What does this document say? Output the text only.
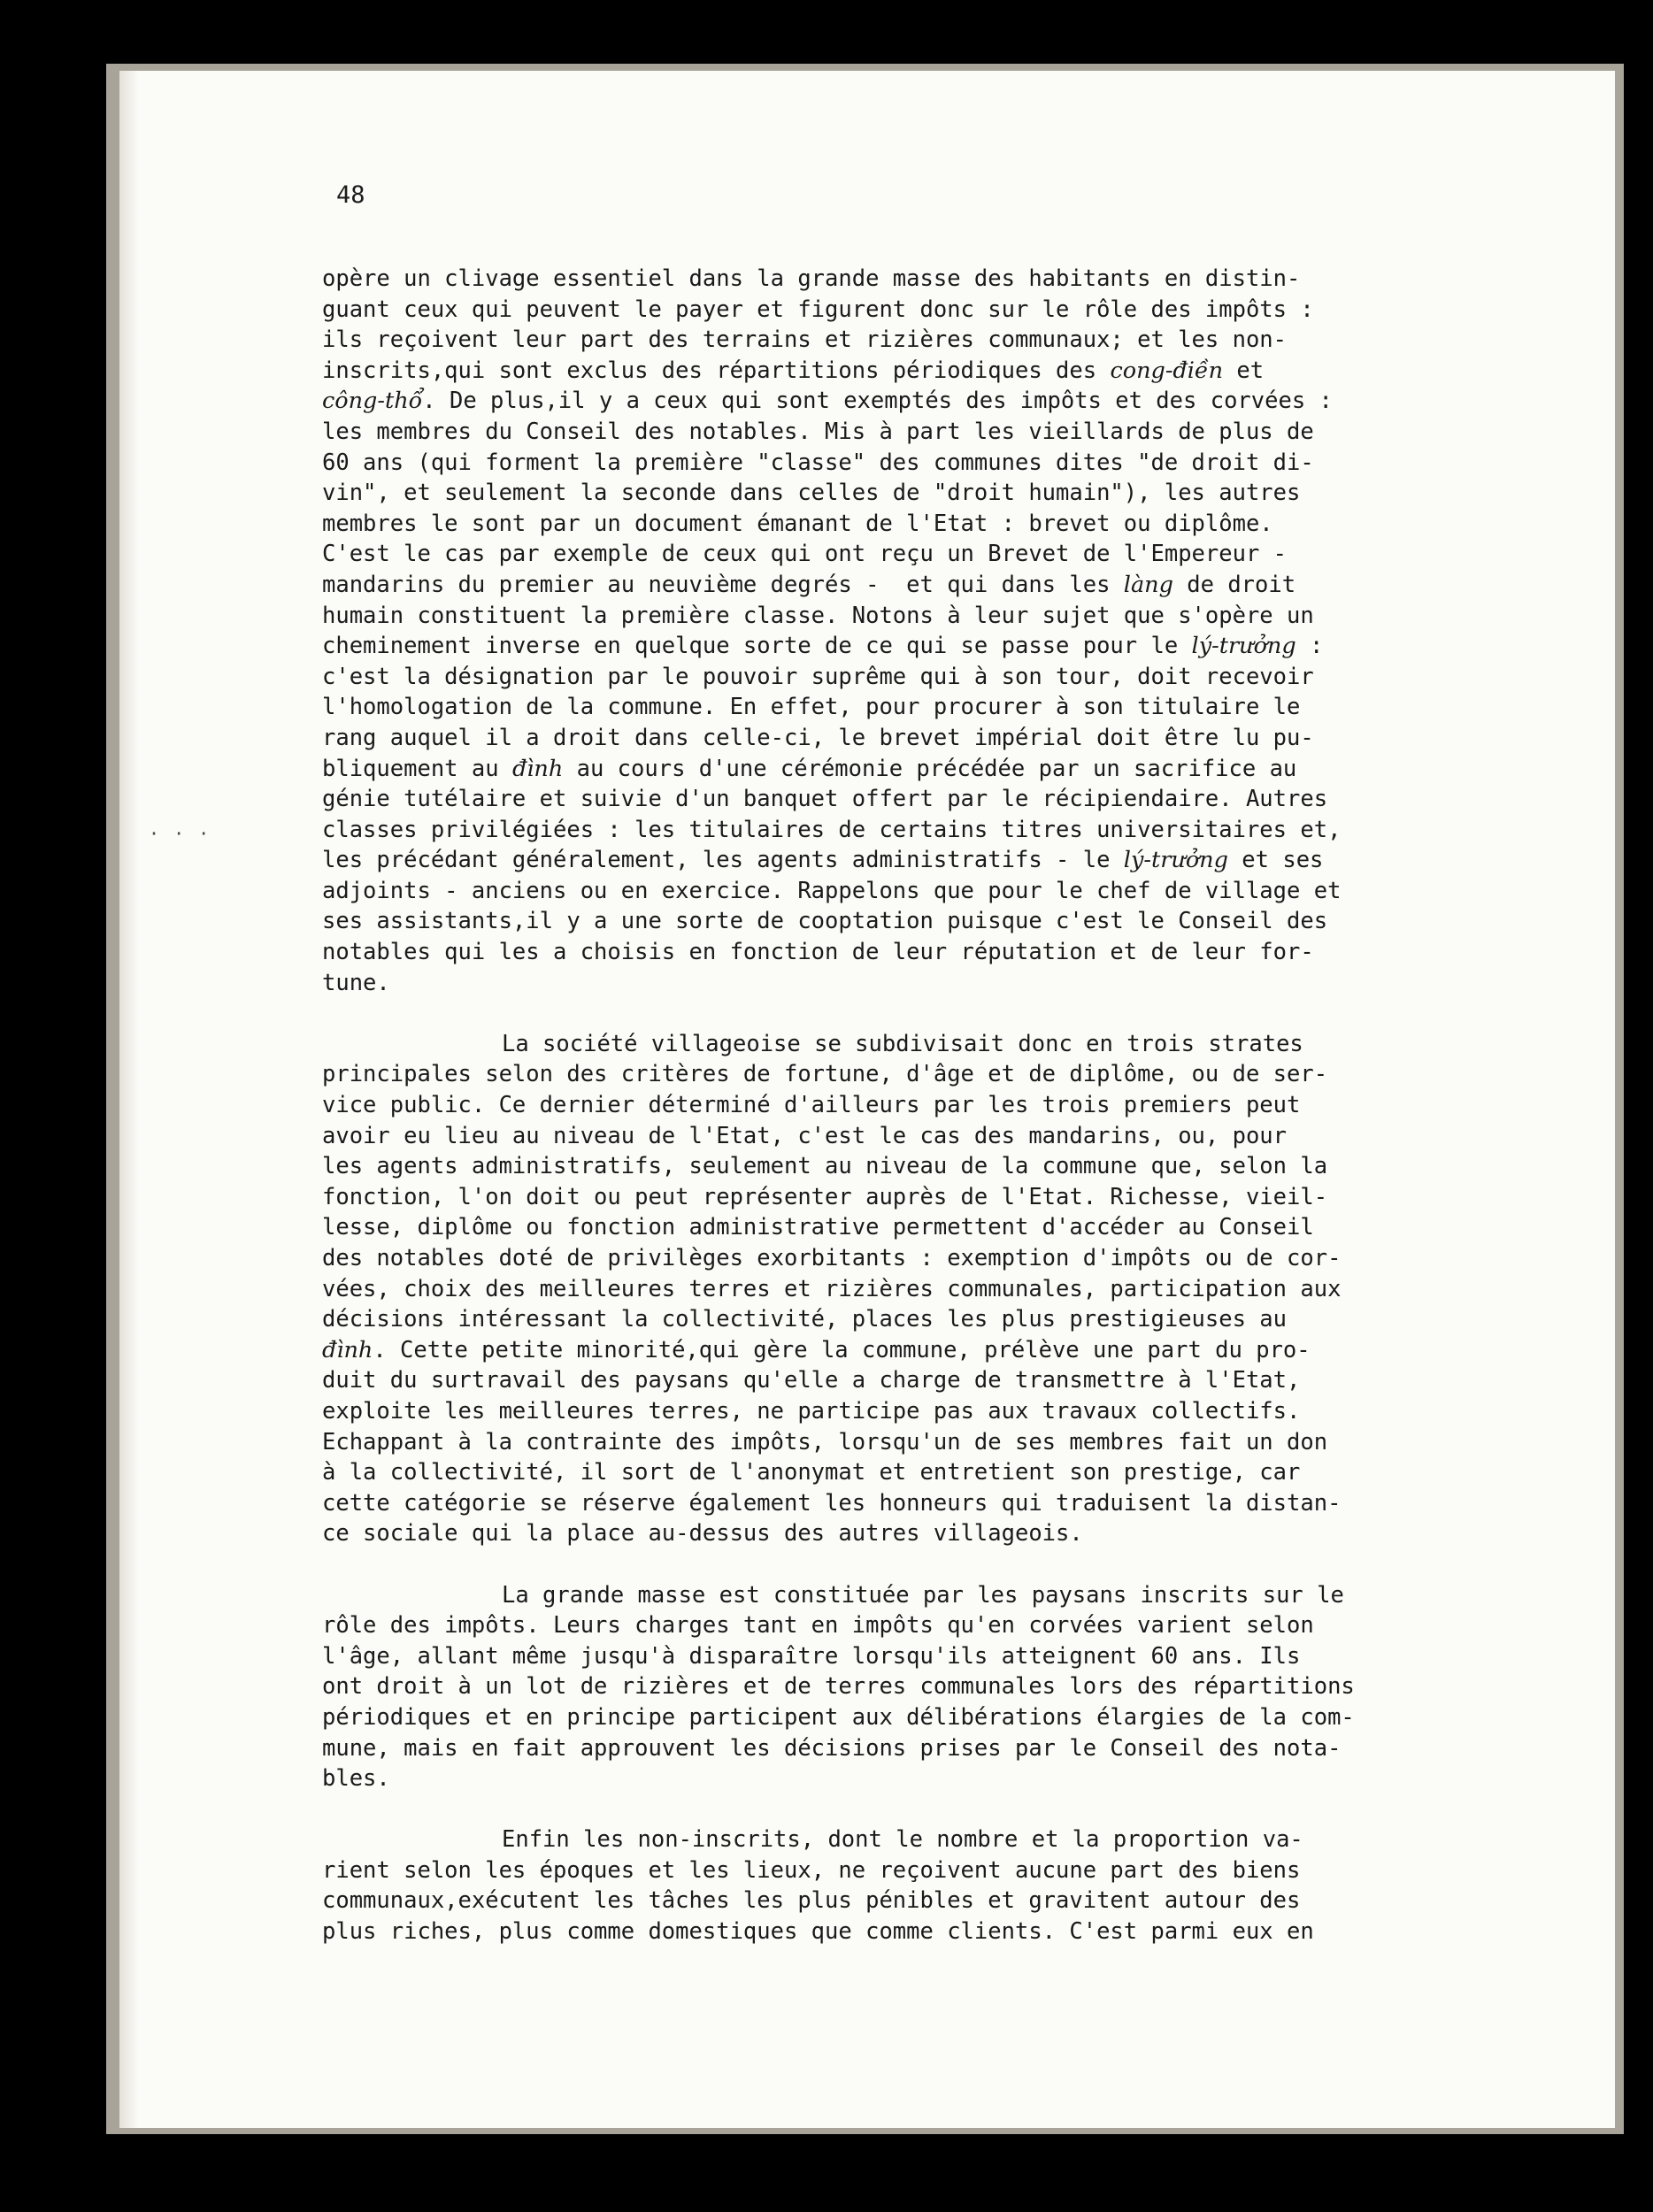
48
· · ·
opère un clivage essentiel dans la grande masse des habitants en distin-
guant ceux qui peuvent le payer et figurent donc sur le rôle des impôts :
ils reçoivent leur part des terrains et rizières communaux; et les non-
inscrits,qui sont exclus des répartitions périodiques des cong-điền et
công-thổ. De plus,il y a ceux qui sont exemptés des impôts et des corvées :
les membres du Conseil des notables. Mis à part les vieillards de plus de
60 ans (qui forment la première "classe" des communes dites "de droit di-
vin", et seulement la seconde dans celles de "droit humain"), les autres
membres le sont par un document émanant de l'Etat : brevet ou diplôme.
C'est le cas par exemple de ceux qui ont reçu un Brevet de l'Empereur -
mandarins du premier au neuvième degrés -  et qui dans les làng de droit
humain constituent la première classe. Notons à leur sujet que s'opère un
cheminement inverse en quelque sorte de ce qui se passe pour le lý-trưởng :
c'est la désignation par le pouvoir suprême qui à son tour, doit recevoir
l'homologation de la commune. En effet, pour procurer à son titulaire le
rang auquel il a droit dans celle-ci, le brevet impérial doit être lu pu-
bliquement au đình au cours d'une cérémonie précédée par un sacrifice au
génie tutélaire et suivie d'un banquet offert par le récipiendaire. Autres
classes privilégiées : les titulaires de certains titres universitaires et,
les précédant généralement, les agents administratifs - le lý-trưởng et ses
adjoints - anciens ou en exercice. Rappelons que pour le chef de village et
ses assistants,il y a une sorte de cooptation puisque c'est le Conseil des
notables qui les a choisis en fonction de leur réputation et de leur for-
tune.
La société villageoise se subdivisait donc en trois strates
principales selon des critères de fortune, d'âge et de diplôme, ou de ser-
vice public. Ce dernier déterminé d'ailleurs par les trois premiers peut
avoir eu lieu au niveau de l'Etat, c'est le cas des mandarins, ou, pour
les agents administratifs, seulement au niveau de la commune que, selon la
fonction, l'on doit ou peut représenter auprès de l'Etat. Richesse, vieil-
lesse, diplôme ou fonction administrative permettent d'accéder au Conseil
des notables doté de privilèges exorbitants : exemption d'impôts ou de cor-
vées, choix des meilleures terres et rizières communales, participation aux
décisions intéressant la collectivité, places les plus prestigieuses au
đình. Cette petite minorité,qui gère la commune, prélève une part du pro-
duit du surtravail des paysans qu'elle a charge de transmettre à l'Etat,
exploite les meilleures terres, ne participe pas aux travaux collectifs.
Echappant à la contrainte des impôts, lorsqu'un de ses membres fait un don
à la collectivité, il sort de l'anonymat et entretient son prestige, car
cette catégorie se réserve également les honneurs qui traduisent la distan-
ce sociale qui la place au-dessus des autres villageois.
La grande masse est constituée par les paysans inscrits sur le
rôle des impôts. Leurs charges tant en impôts qu'en corvées varient selon
l'âge, allant même jusqu'à disparaître lorsqu'ils atteignent 60 ans. Ils
ont droit à un lot de rizières et de terres communales lors des répartitions
périodiques et en principe participent aux délibérations élargies de la com-
mune, mais en fait approuvent les décisions prises par le Conseil des nota-
bles.
Enfin les non-inscrits, dont le nombre et la proportion va-
rient selon les époques et les lieux, ne reçoivent aucune part des biens
communaux,exécutent les tâches les plus pénibles et gravitent autour des
plus riches, plus comme domestiques que comme clients. C'est parmi eux en
